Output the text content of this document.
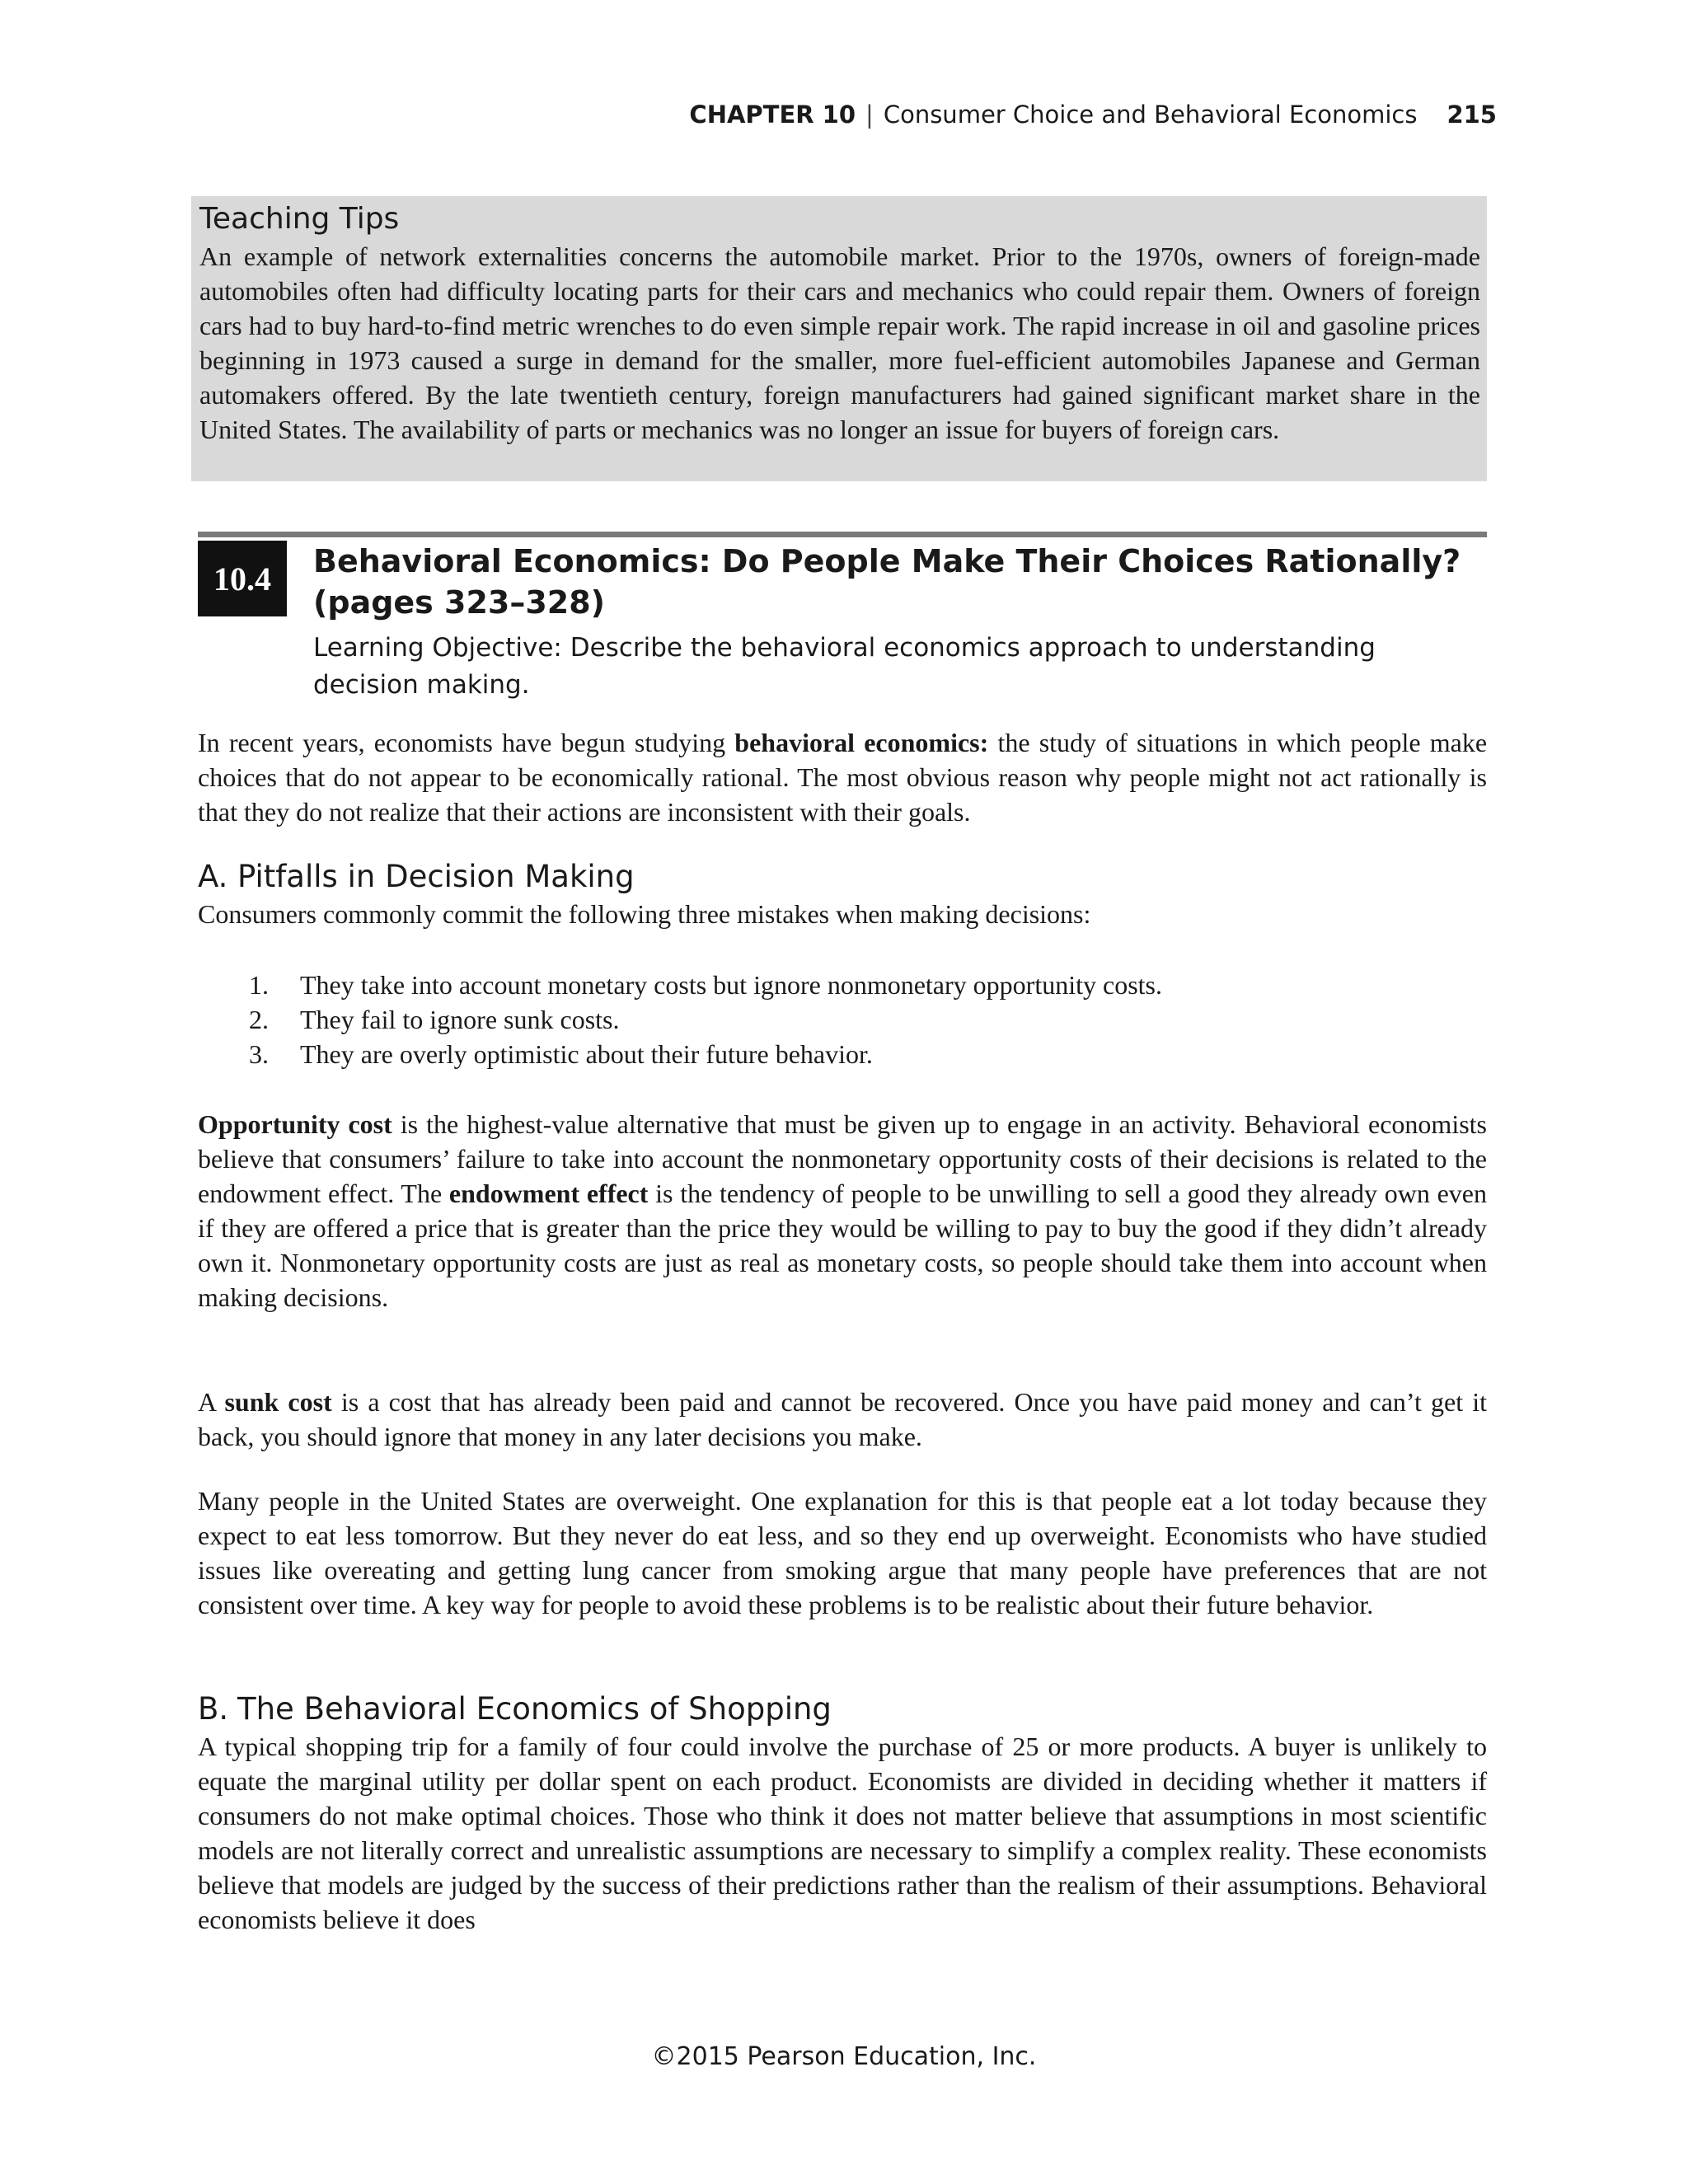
CHAPTER 10 | Consumer Choice and Behavioral Economics 215

Teaching Tips

An example of network externalities concerns the automobile market. Prior to the 1970s, owners of foreign-made automobiles often had difficulty locating parts for their cars and mechanics who could repair them. Owners of foreign cars had to buy hard-to-find metric wrenches to do even simple repair work. The rapid increase in oil and gasoline prices beginning in 1973 caused a surge in demand for the smaller, more fuel-efficient automobiles Japanese and German automakers offered. By the late twentieth century, foreign manufacturers had gained significant market share in the United States. The availability of parts or mechanics was no longer an issue for buyers of foreign cars.

10.4	Behavioral Economics: Do People Make Their Choices Rationally?
(pages 323–328)

Learning Objective: Describe the behavioral economics approach to understanding decision making.

In recent years, economists have begun studying behavioral economics: the study of situations in which people make choices that do not appear to be economically rational. The most obvious reason why people might not act rationally is that they do not realize that their actions are inconsistent with their goals.

A. Pitfalls in Decision Making

Consumers commonly commit the following three mistakes when making decisions:

1.	They take into account monetary costs but ignore nonmonetary opportunity costs.
2.	They fail to ignore sunk costs.
3.	They are overly optimistic about their future behavior.

Opportunity cost is the highest-value alternative that must be given up to engage in an activity. Behavioral economists believe that consumers’ failure to take into account the nonmonetary opportunity costs of their decisions is related to the endowment effect. The endowment effect is the tendency of people to be unwilling to sell a good they already own even if they are offered a price that is greater than the price they would be willing to pay to buy the good if they didn’t already own it. Nonmonetary opportunity costs are just as real as monetary costs, so people should take them into account when making decisions.

A sunk cost is a cost that has already been paid and cannot be recovered. Once you have paid money and can’t get it back, you should ignore that money in any later decisions you make.

Many people in the United States are overweight. One explanation for this is that people eat a lot today because they expect to eat less tomorrow. But they never do eat less, and so they end up overweight. Economists who have studied issues like overeating and getting lung cancer from smoking argue that many people have preferences that are not consistent over time. A key way for people to avoid these problems is to be realistic about their future behavior.

B. The Behavioral Economics of Shopping

A typical shopping trip for a family of four could involve the purchase of 25 or more products. A buyer is unlikely to equate the marginal utility per dollar spent on each product. Economists are divided in deciding whether it matters if consumers do not make optimal choices. Those who think it does not matter believe that assumptions in most scientific models are not literally correct and unrealistic assumptions are necessary to simplify a complex reality. These economists believe that models are judged by the success of their predictions rather than the realism of their assumptions. Behavioral economists believe it does

©2015 Pearson Education, Inc.
